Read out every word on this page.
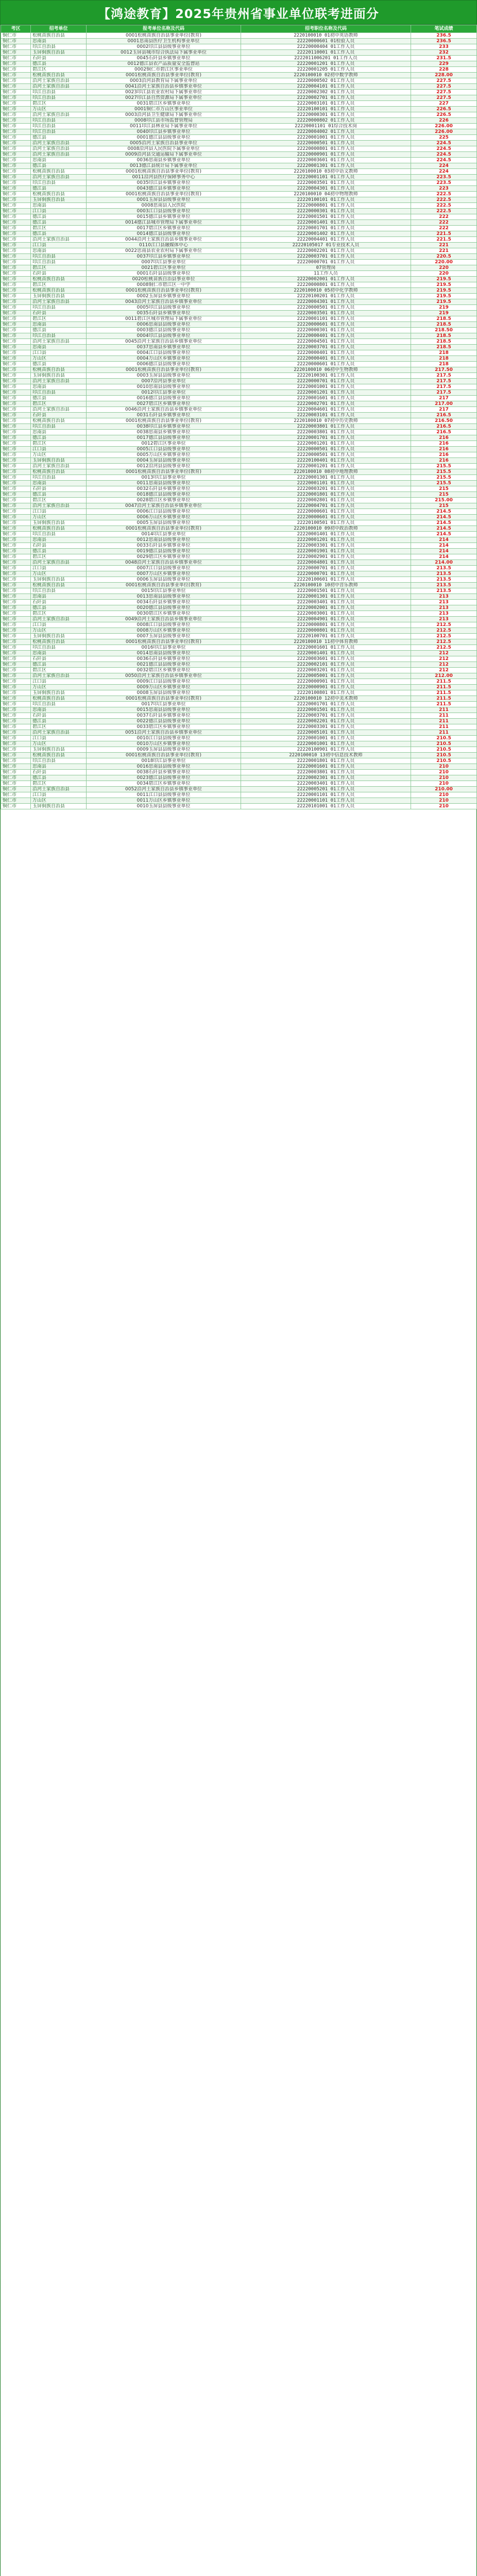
【鸿途教育】2025年贵州省事业单位联考进面分
考区	招考单位	报考单位名称及代码	招考职位名称及代码	笔试成绩
铜仁市	松桃苗族自治县	0001松桃苗族自治县事业单位(教育)	2220100010 01初中英语教师	236.5
铜仁市	思南县	0001思南县医疗卫生机构事业单位	22220000601 01检验人员	236.5
铜仁市	印江自治县	0002印江县县级事业单位	22220000404 01工作人员	233
铜仁市	玉屏侗族自治县	0012玉屏县城市综合执法局下属事业单位	22220110001 01工作人员	232
铜仁市	石阡县	0045石阡县乡镇事业单位	2222011006201 01工作人员	231.5
铜仁市	德江县	0012德江县农产品质量安全监督站	22220001201 01工作人员	229
铜仁市	碧江区	0002铜仁市碧江区事业单位	22220001205 01工作人员	228
铜仁市	松桃苗族自治县	0001松桃苗族自治县事业单位(教育)	2220100010 02初中数学教师	228.00
铜仁市	沿河土家族自治县	0003沿河县教育局下属事业单位	22220000502 01工作人员	227.5
铜仁市	沿河土家族自治县	0041沿河土家族自治县乡镇事业单位	22220004101 01工作人员	227.5
铜仁市	印江自治县	0023印江县农业农村局下属事业单位	22220002302 01工作人员	227.5
铜仁市	印江自治县	0027印江县自然资源局下属事业单位	22220002701 01工作人员	227.5
铜仁市	碧江区	0031碧江区乡镇事业单位	22220003101 01工作人员	227
铜仁市	万山区	0001铜仁市万山区事业单位	22220100101 01工作人员	226.5
铜仁市	沿河土家族自治县	0003沿河县卫生健康局下属事业单位	22220000301 01工作人员	226.5
铜仁市	印江自治县	0008印江县市场监督管理局	22220000802 01工作人员	226
铜仁市	印江自治县	0011印江县林业局下属事业单位	22220001101 01综合技术岗	226.00
铜仁市	印江自治县	0040印江县乡镇事业单位	22220004002 01工作人员	226.00
铜仁市	德江县	0001德江县县级事业单位	22220001001 01工作人员	225
铜仁市	沿河土家族自治县	0005沿河土家族自治县事业单位	22220000501 01工作人员	224.5
铜仁市	沿河土家族自治县	0008沿河县人民医院下属事业单位	22220000801 01工作人员	224.5
铜仁市	沿河土家族自治县	0009沿河县交通运输局下属事业单位	22220000901 01工作人员	224.5
铜仁市	思南县	0036思南县乡镇事业单位	22220003601 01工作人员	224.5
铜仁市	德江县	0013德江县统计局下属事业单位	22220001301 01工作人员	224
铜仁市	松桃苗族自治县	0001松桃苗族自治县事业单位(教育)	2220100010 03初中语文教师	224
铜仁市	沿河土家族自治县	0011沿河县医疗保障事务中心	22220001101 01工作人员	223.5
铜仁市	印江自治县	0035印江县乡镇事业单位	22220003501 01工作人员	223.5
铜仁市	德江县	0043德江县乡镇事业单位	22220004301 01工作人员	223
铜仁市	松桃苗族自治县	0001松桃苗族自治县事业单位(教育)	2220100010 04初中物理教师	222.5
铜仁市	玉屏侗族自治县	0001玉屏县县级事业单位	22220100101 01工作人员	222.5
铜仁市	思南县	0008思南县人民医院	22220000801 01工作人员	222.5
铜仁市	江口县	0003江口县县级事业单位	22220000301 01工作人员	222.5
铜仁市	德江县	0015德江县乡镇事业单位	22220001501 01工作人员	222
铜仁市	德江县	0014德江县城市管理局下属事业单位	22220001401 01工作人员	222
铜仁市	碧江区	0017碧江区乡镇事业单位	22220001701 01工作人员	222
铜仁市	德江县	0014德江县县级事业单位	22220001402 01工作人员	221.5
铜仁市	沿河土家族自治县	0044沿河土家族自治县乡镇事业单位	22220004401 01工作人员	221.5
铜仁市	江口县	0110江口县融媒体中心	22220105017 01专业技术人员	221
铜仁市	思南县	0022思南县农业农村局下属事业单位	22220002201 01工作人员	221
铜仁市	印江自治县	0037印江县乡镇事业单位	22220003701 01工作人员	220.5
铜仁市	印江自治县	0007印江县事业单位	22220000701 01工作人员	220.00
铜仁市	碧江区	0021碧江区事业单位	07管理岗	220
铜仁市	石阡县	0001石阡县县级事业单位	11工作人员	220
铜仁市	松桃苗族自治县	0020松桃苗族自治县事业单位	22220002001 01工作人员	219.5
铜仁市	碧江区	0008铜仁市碧江区一中学	22220000801 01工作人员	219.5
铜仁市	松桃苗族自治县	0001松桃苗族自治县事业单位(教育)	2220100010 05初中化学教师	219.5
铜仁市	玉屏侗族自治县	0002玉屏县乡镇事业单位	22220100201 01工作人员	219.5
铜仁市	沿河土家族自治县	0043沿河土家族自治县乡镇事业单位	22220004301 01工作人员	219.5
铜仁市	印江自治县	0005印江县县级事业单位	22220000501 01工作人员	219
铜仁市	石阡县	0035石阡县乡镇事业单位	22220003501 01工作人员	219
铜仁市	碧江区	0011碧江区城市管理局下属事业单位	22220001101 01工作人员	218.5
铜仁市	思南县	0006思南县县级事业单位	22220000601 01工作人员	218.5
铜仁市	德江县	0003德江县县级事业单位	22220000301 01工作人员	218.50
铜仁市	印江自治县	0004印江县县级事业单位	22220000401 01工作人员	218.5
铜仁市	沿河土家族自治县	0045沿河土家族自治县乡镇事业单位	22220004501 01工作人员	218.5
铜仁市	思南县	0037思南县乡镇事业单位	22220003701 01工作人员	218.5
铜仁市	江口县	0004江口县县级事业单位	22220000401 01工作人员	218
铜仁市	万山区	0004万山区乡镇事业单位	22220000401 01工作人员	218
铜仁市	德江县	0006德江县县级事业单位	22220000601 01工作人员	218
铜仁市	松桃苗族自治县	0001松桃苗族自治县事业单位(教育)	2220100010 06初中生物教师	217.50
铜仁市	玉屏侗族自治县	0003玉屏县县级事业单位	22220100301 01工作人员	217.5
铜仁市	沿河土家族自治县	0007沿河县事业单位	22220000701 01工作人员	217.5
铜仁市	思南县	0010思南县县级事业单位	22220001001 01工作人员	217.5
铜仁市	印江自治县	0012印江县事业单位	22220001201 01工作人员	217.5
铜仁市	德江县	0016德江县县级事业单位	22220001601 01工作人员	217
铜仁市	碧江区	0027碧江区乡镇事业单位	22220002701 01工作人员	217.00
铜仁市	沿河土家族自治县	0046沿河土家族自治县乡镇事业单位	22220004601 01工作人员	217
铜仁市	石阡县	0031石阡县乡镇事业单位	22220003101 01工作人员	216.5
铜仁市	松桃苗族自治县	0001松桃苗族自治县事业单位(教育)	2220100010 07初中历史教师	216.50
铜仁市	印江自治县	0038印江县乡镇事业单位	22220003801 01工作人员	216.5
铜仁市	思南县	0038思南县乡镇事业单位	22220003801 01工作人员	216.5
铜仁市	德江县	0017德江县县级事业单位	22220001701 01工作人员	216
铜仁市	碧江区	0012碧江区事业单位	22220001201 01工作人员	216
铜仁市	江口县	0005江口县县级事业单位	22220000501 01工作人员	216
铜仁市	万山区	0005万山区乡镇事业单位	22220000501 01工作人员	216
铜仁市	玉屏侗族自治县	0004玉屏县县级事业单位	22220100401 01工作人员	216
铜仁市	沿河土家族自治县	0012沿河县县级事业单位	22220001201 01工作人员	215.5
铜仁市	松桃苗族自治县	0001松桃苗族自治县事业单位(教育)	2220100010 08初中地理教师	215.5
铜仁市	印江自治县	0013印江县事业单位	22220001301 01工作人员	215.5
铜仁市	思南县	0011思南县县级事业单位	22220001101 01工作人员	215.5
铜仁市	石阡县	0032石阡县乡镇事业单位	22220003201 01工作人员	215
铜仁市	德江县	0018德江县县级事业单位	22220001801 01工作人员	215
铜仁市	碧江区	0028碧江区乡镇事业单位	22220002801 01工作人员	215.00
铜仁市	沿河土家族自治县	0047沿河土家族自治县乡镇事业单位	22220004701 01工作人员	215
铜仁市	江口县	0006江口县县级事业单位	22220000601 01工作人员	214.5
铜仁市	万山区	0006万山区乡镇事业单位	22220000601 01工作人员	214.5
铜仁市	玉屏侗族自治县	0005玉屏县县级事业单位	22220100501 01工作人员	214.5
铜仁市	松桃苗族自治县	0001松桃苗族自治县事业单位(教育)	2220100010 09初中政治教师	214.5
铜仁市	印江自治县	0014印江县事业单位	22220001401 01工作人员	214.5
铜仁市	思南县	0012思南县县级事业单位	22220001201 01工作人员	214
铜仁市	石阡县	0033石阡县乡镇事业单位	22220003301 01工作人员	214
铜仁市	德江县	0019德江县县级事业单位	22220001901 01工作人员	214
铜仁市	碧江区	0029碧江区乡镇事业单位	22220002901 01工作人员	214
铜仁市	沿河土家族自治县	0048沿河土家族自治县乡镇事业单位	22220004801 01工作人员	214.00
铜仁市	江口县	0007江口县县级事业单位	22220000701 01工作人员	213.5
铜仁市	万山区	0007万山区乡镇事业单位	22220000701 01工作人员	213.5
铜仁市	玉屏侗族自治县	0006玉屏县县级事业单位	22220100601 01工作人员	213.5
铜仁市	松桃苗族自治县	0001松桃苗族自治县事业单位(教育)	2220100010 10初中音乐教师	213.5
铜仁市	印江自治县	0015印江县事业单位	22220001501 01工作人员	213.5
铜仁市	思南县	0013思南县县级事业单位	22220001301 01工作人员	213
铜仁市	石阡县	0034石阡县乡镇事业单位	22220003401 01工作人员	213
铜仁市	德江县	0020德江县县级事业单位	22220002001 01工作人员	213
铜仁市	碧江区	0030碧江区乡镇事业单位	22220003001 01工作人员	213
铜仁市	沿河土家族自治县	0049沿河土家族自治县乡镇事业单位	22220004901 01工作人员	213
铜仁市	江口县	0008江口县县级事业单位	22220000801 01工作人员	212.5
铜仁市	万山区	0008万山区乡镇事业单位	22220000801 01工作人员	212.5
铜仁市	玉屏侗族自治县	0007玉屏县县级事业单位	22220100701 01工作人员	212.5
铜仁市	松桃苗族自治县	0001松桃苗族自治县事业单位(教育)	2220100010 11初中体育教师	212.5
铜仁市	印江自治县	0016印江县事业单位	22220001601 01工作人员	212.5
铜仁市	思南县	0014思南县县级事业单位	22220001401 01工作人员	212
铜仁市	石阡县	0036石阡县乡镇事业单位	22220003601 01工作人员	212
铜仁市	德江县	0021德江县县级事业单位	22220002101 01工作人员	212
铜仁市	碧江区	0032碧江区乡镇事业单位	22220003201 01工作人员	212
铜仁市	沿河土家族自治县	0050沿河土家族自治县乡镇事业单位	22220005001 01工作人员	212.00
铜仁市	江口县	0009江口县县级事业单位	22220000901 01工作人员	211.5
铜仁市	万山区	0009万山区乡镇事业单位	22220000901 01工作人员	211.5
铜仁市	玉屏侗族自治县	0008玉屏县县级事业单位	22220100801 01工作人员	211.5
铜仁市	松桃苗族自治县	0001松桃苗族自治县事业单位(教育)	2220100010 12初中美术教师	211.5
铜仁市	印江自治县	0017印江县事业单位	22220001701 01工作人员	211.5
铜仁市	思南县	0015思南县县级事业单位	22220001501 01工作人员	211
铜仁市	石阡县	0037石阡县乡镇事业单位	22220003701 01工作人员	211
铜仁市	德江县	0022德江县县级事业单位	22220002201 01工作人员	211
铜仁市	碧江区	0033碧江区乡镇事业单位	22220003301 01工作人员	211
铜仁市	沿河土家族自治县	0051沿河土家族自治县乡镇事业单位	22220005101 01工作人员	211
铜仁市	江口县	0010江口县县级事业单位	22220001001 01工作人员	210.5
铜仁市	万山区	0010万山区乡镇事业单位	22220001001 01工作人员	210.5
铜仁市	玉屏侗族自治县	0009玉屏县县级事业单位	22220100901 01工作人员	210.5
铜仁市	松桃苗族自治县	0001松桃苗族自治县事业单位(教育)	2220100010 13初中信息技术教师	210.5
铜仁市	印江自治县	0018印江县事业单位	22220001801 01工作人员	210.5
铜仁市	思南县	0016思南县县级事业单位	22220001601 01工作人员	210
铜仁市	石阡县	0038石阡县乡镇事业单位	22220003801 01工作人员	210
铜仁市	德江县	0023德江县县级事业单位	22220002301 01工作人员	210
铜仁市	碧江区	0034碧江区乡镇事业单位	22220003401 01工作人员	210
铜仁市	沿河土家族自治县	0052沿河土家族自治县乡镇事业单位	22220005201 01工作人员	210.00
铜仁市	江口县	0011江口县县级事业单位	22220001101 01工作人员	210
铜仁市	万山区	0011万山区乡镇事业单位	22220001101 01工作人员	210
铜仁市	玉屏侗族自治县	0010玉屏县县级事业单位	22220101001 01工作人员	210
